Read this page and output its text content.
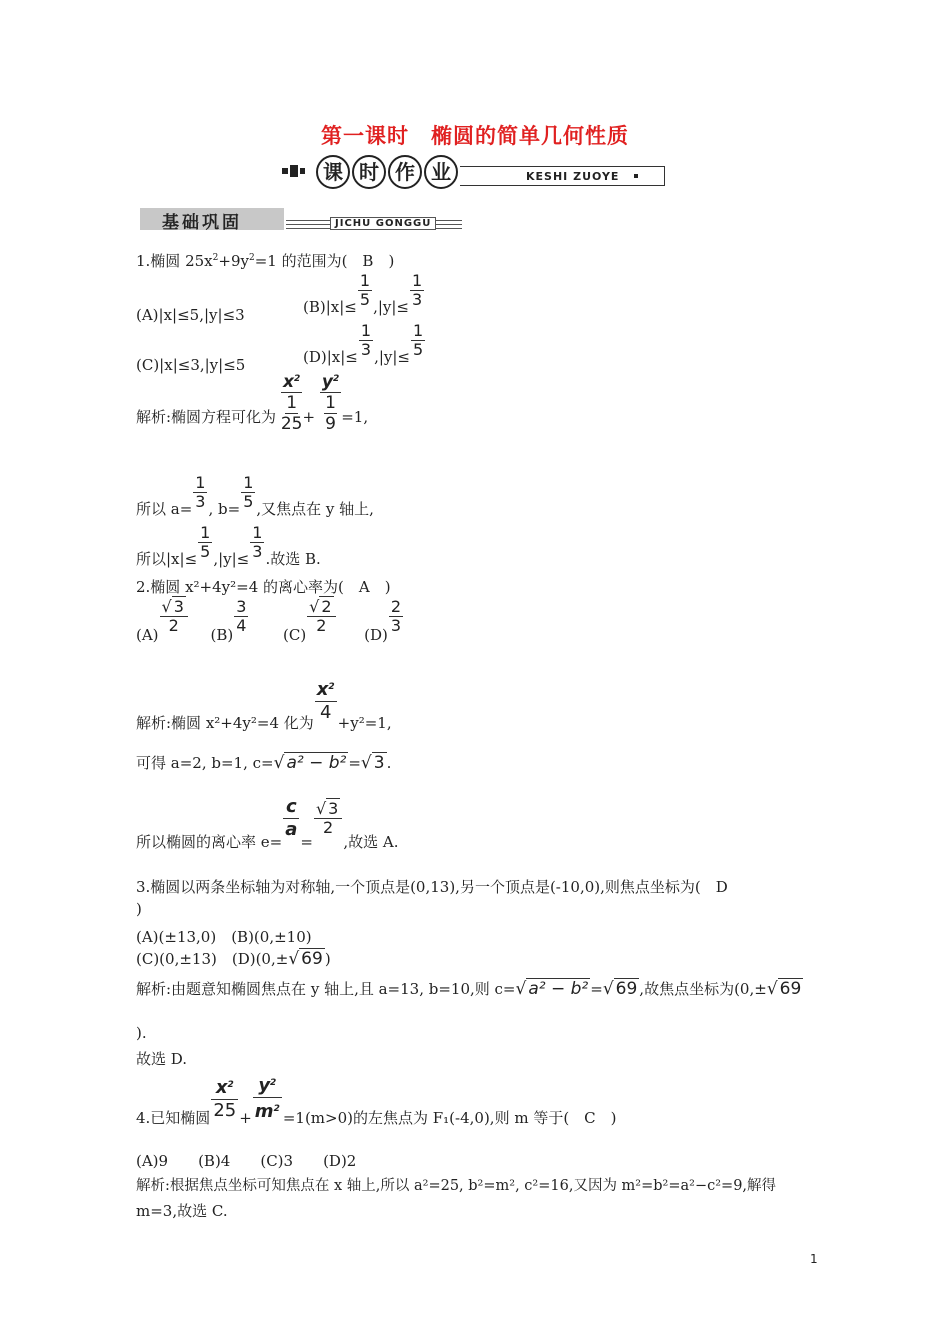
第一课时　椭圆的简单几何性质
课 时 作 业	KESHI ZUOYE
基础巩固	JICHU GONGGU
1.椭圆 $25x^2+9y^2=1$ 的范围为(　B　)
(A)|x|≤5,|y|≤3	$(B)|x|\le \frac{1}{5} ,|y|\le \frac{1}{3}$
(C)|x|≤3,|y|≤5	$(D)|x|\le \frac{1}{3} ,|y|\le \frac{1}{5}$
解析:椭圆方程可化为
$x^2$
1
25 +
$y^2$
1
9 =1,
所以 $a= \frac{1}{3}$ , $b= \frac{1}{5}$ ,又焦点在 y 轴上,
所以$|x|\le \frac{1}{5} ,|y|\le \frac{1}{3}$ .故选 B.
2.椭圆 x²+4y²=4 的离心率为(　A　)
$(A) \frac{√ 3}{2} (B) \frac{3}{4} (C) \frac{√ 2}{2} (D) \frac{2}{3}$
解析:椭圆 x²+4y²=4 化为 $\frac{x^2}{4} +y^2=1$,
可得 a=2, b=1, c=√ a² − b² =√ 3 .
所以椭圆的离心率 e=
$\frac{c}{a}$
=
$\frac{√ 3}{2}$
,故选 A.
3.椭圆以两条坐标轴为对称轴,一个顶点是(0,13),另一个顶点是(-10,0),则焦点坐标为(　D
)
(A)(±13,0)　(B)(0,±10)
(C)(0,±13)　(D)(0,±√ 69 )
解析:由题意知椭圆焦点在 y 轴上,且 a=13, b=10,则 c=√ a² − b² =√ 69 ,故焦点坐标为(0,±√ 69
).
故选 D.
4.已知椭圆 $\frac{x^2}{25} + \frac{y^2}{m^2} =1(m>0)$的左焦点为 F₁(-4,0),则 m 等于(　C　)
(A)9　　(B)4　　(C)3　　(D)2
解析:根据焦点坐标可知焦点在 x 轴上,所以 a²=25, b²=m², c²=16,又因为 m²=b²=a²−c²=9,解得
m=3,故选 C.
1
